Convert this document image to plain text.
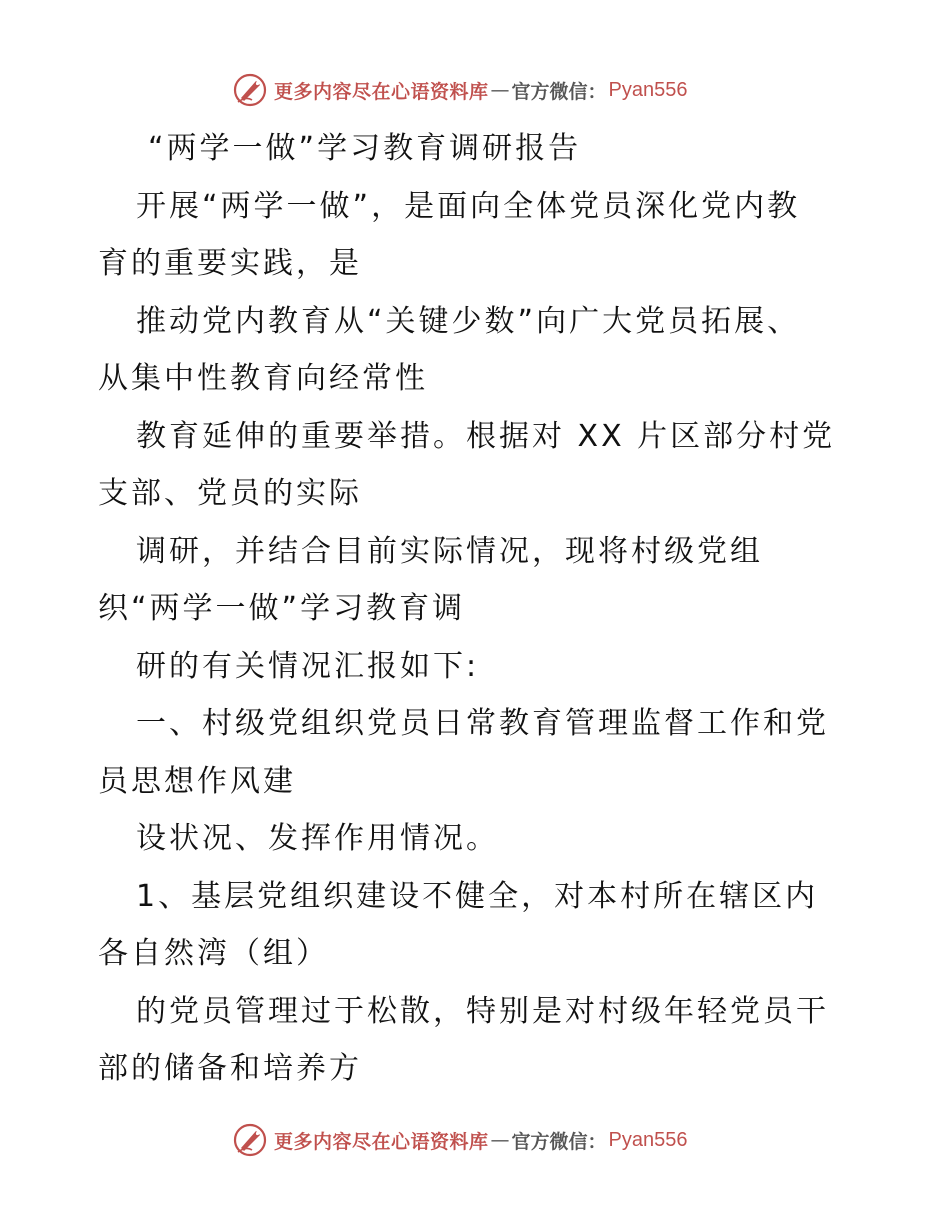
更多内容尽在心语资料库 — 官方微信： Pyan556
“两学一做”学习教育调研报告
开展“两学一做”，是面向全体党员深化党内教
育的重要实践，是
推动党内教育从“关键少数”向广大党员拓展、
从集中性教育向经常性
教育延伸的重要举措。根据对 XX 片区部分村党
支部、党员的实际
调研，并结合目前实际情况，现将村级党组
织“两学一做”学习教育调
研的有关情况汇报如下:
一、村级党组织党员日常教育管理监督工作和党
员思想作风建
设状况、发挥作用情况。
1、基层党组织建设不健全，对本村所在辖区内
各自然湾（组）
的党员管理过于松散，特别是对村级年轻党员干
部的储备和培养方
更多内容尽在心语资料库 — 官方微信： Pyan556
